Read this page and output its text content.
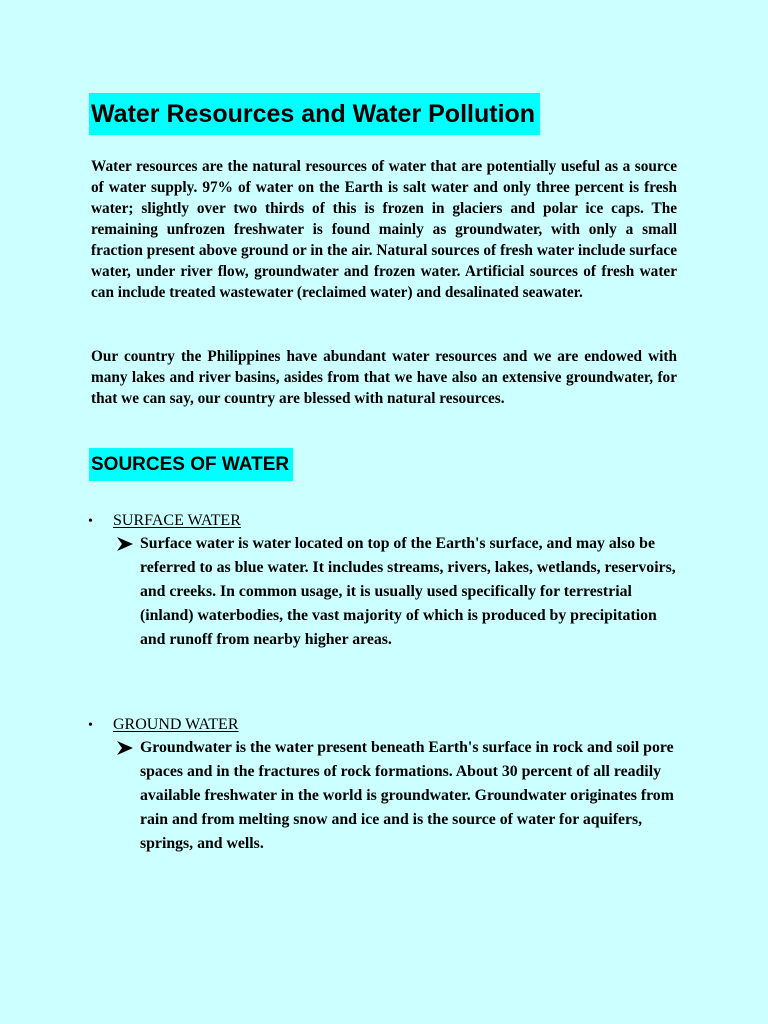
Water Resources and Water Pollution

Water resources are the natural resources of water that are potentially useful as a source of water supply. 97% of water on the Earth is salt water and only three percent is fresh water; slightly over two thirds of this is frozen in glaciers and polar ice caps. The remaining unfrozen freshwater is found mainly as groundwater, with only a small fraction present above ground or in the air. Natural sources of fresh water include surface water, under river flow, groundwater and frozen water. Artificial sources of fresh water can include treated wastewater (reclaimed water) and desalinated seawater.

Our country the Philippines have abundant water resources and we are endowed with many lakes and river basins, asides from that we have also an extensive groundwater, for that we can say, our country are blessed with natural resources.

SOURCES OF WATER
• SURFACE WATER

Surface water is water located on top of the Earth's surface, and may also be referred to as blue water. It includes streams, rivers, lakes, wetlands, reservoirs, and creeks. In common usage, it is usually used specifically for terrestrial (inland) waterbodies, the vast majority of which is produced by precipitation and runoff from nearby higher areas.

• GROUND WATER

Groundwater is the water present beneath Earth's surface in rock and soil pore spaces and in the fractures of rock formations. About 30 percent of all readily available freshwater in the world is groundwater. Groundwater originates from rain and from melting snow and ice and is the source of water for aquifers, springs, and wells.
